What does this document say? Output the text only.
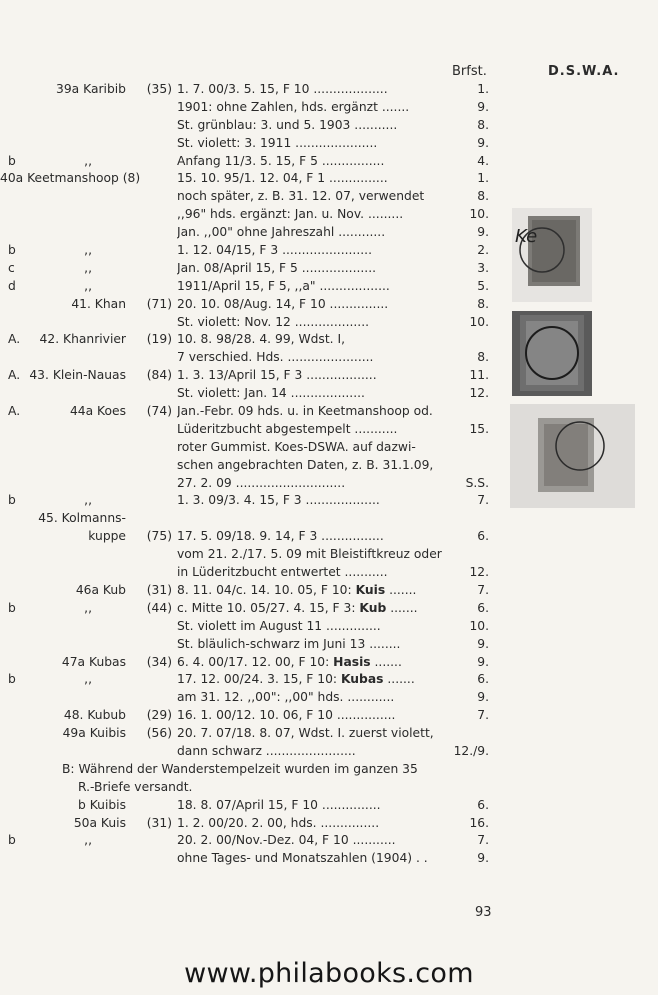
Brfst.	D.S.W.A.
39a Karibib	(35) 1. 7. 00/3. 5. 15, F 10 ...................	1.
1901: ohne Zahlen, hds. ergänzt .......	9.
St. grünblau: 3. und 5. 1903 ...........	8.
St. violett: 3. 1911 .....................	9.
b	,,	Anfang 11/3. 5. 15, F 5 ................	4.
40a Keetmanshoop (8)	15. 10. 95/1. 12. 04, F 1 ...............	1.
noch später, z. B. 31. 12. 07, verwendet	8.
,,96" hds. ergänzt: Jan. u. Nov. .........	10.
Jan. ,,00" ohne Jahreszahl ............	9.
b	,,	1. 12. 04/15, F 3 .......................	2.
c	,,	Jan. 08/April 15, F 5 ...................	3.
d	,,	1911/April 15, F 5, ,,a" ..................	5.
41. Khan	(71) 20. 10. 08/Aug. 14, F 10 ...............	8.
St. violett: Nov. 12 ...................	10.
A.	42. Khanrivier	(19) 10. 8. 98/28. 4. 99, Wdst. I,
7 verschied. Hds. ......................	8.
A. 43. Klein-Nauas	(84) 1. 3. 13/April 15, F 3 ..................	11.
St. violett: Jan. 14 ...................	12.
A.	44a Koes	(74) Jan.-Febr. 09 hds. u. in Keetmanshoop od.
Lüderitzbucht abgestempelt ...........	15.
roter Gummist. Koes-DSWA. auf dazwi-
schen angebrachten Daten, z. B. 31.1.09,
27. 2. 09 ............................	S.S.
b	,,	1. 3. 09/3. 4. 15, F 3 ...................	7.
45. Kolmanns-
kuppe	(75) 17. 5. 09/18. 9. 14, F 3 ................	6.
vom 21. 2./17. 5. 09 mit Bleistiftkreuz oder
in Lüderitzbucht entwertet ...........	12.
46a Kub	(31) 8. 11. 04/c. 14. 10. 05, F 10: Kuis .......	7.
b	,,	(44) c. Mitte 10. 05/27. 4. 15, F 3: Kub .......	6.
St. violett im August 11 ..............	10.
St. bläulich-schwarz im Juni 13 ........	9.
47a Kubas	(34) 6. 4. 00/17. 12. 00, F 10: Hasis .......	9.
b	,,	17. 12. 00/24. 3. 15, F 10: Kubas .......	6.
am 31. 12. ,,00": ,,00" hds. ............	9.
48. Kubub	(29) 16. 1. 00/12. 10. 06, F 10 ...............	7.
49a Kuibis	(56) 20. 7. 07/18. 8. 07, Wdst. I. zuerst violett,
dann schwarz .......................	12./9.
B: Während der Wanderstempelzeit wurden im ganzen 35
R.-Briefe versandt.
b Kuibis	18. 8. 07/April 15, F 10 ...............	6.
50a Kuis	(31) 1. 2. 00/20. 2. 00, hds. ...............	16.
b	,,	20. 2. 00/Nov.-Dez. 04, F 10 ...........	7.
ohne Tages- und Monatszahlen (1904) . .	9.
Ke
93
www.philabooks.com
